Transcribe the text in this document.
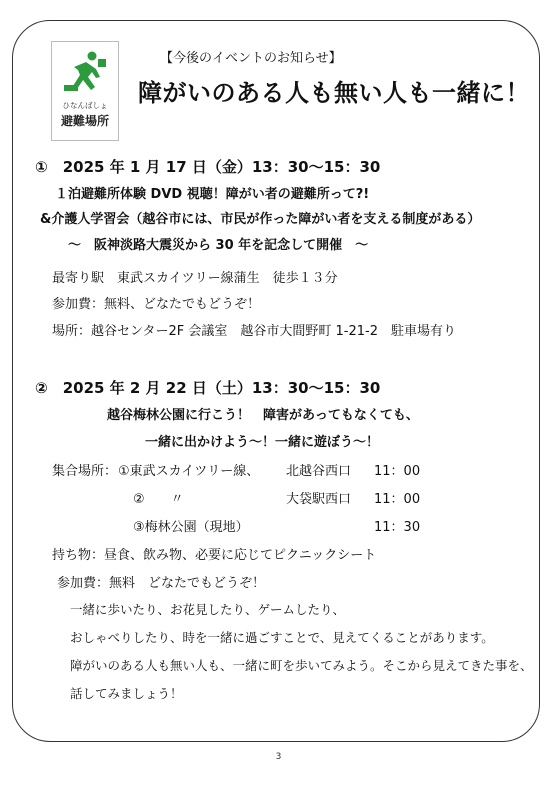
ひなんばしょ
避難場所
【今後のイベントのお知らせ】
障がいのある人も無い人も一緒に！
①　2025 年 1 月 17 日（金）13：30〜15：30
１泊避難所体験 DVD 視聴！障がい者の避難所って?!
&介護人学習会（越谷市には、市民が作った障がい者を支える制度がある）
〜　阪神淡路大震災から 30 年を記念して開催　〜
最寄り駅　東武スカイツリー線蒲生　徒歩１３分
参加費：無料、どなたでもどうぞ！
場所：越谷センター2F 会議室　越谷市大間野町 1-21-2　駐車場有り
②　2025 年 2 月 22 日（土）13：30〜15：30
越谷梅林公園に行こう！　障害があってもなくても、
一緒に出かけよう〜！一緒に遊ぼう〜！
集合場所： ①東武スカイツリー線、 北越谷西口 11：00
②　　〃	大袋駅西口 11：00
③梅林公園（現地）	11：30
持ち物：昼食、飲み物、必要に応じてピクニックシート
参加費：無料　どなたでもどうぞ！
一緒に歩いたり、お花見したり、ゲームしたり、
おしゃべりしたり、時を一緒に過ごすことで、見えてくることがあります。
障がいのある人も無い人も、一緒に町を歩いてみよう。そこから見えてきた事を、
話してみましょう！
3
